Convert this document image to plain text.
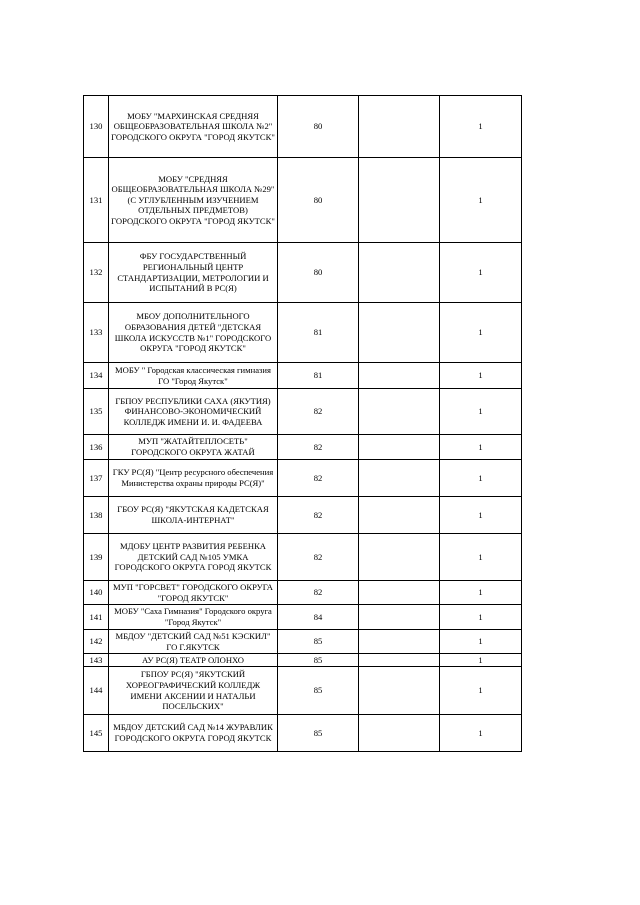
130	МОБУ "МАРХИНСКАЯ СРЕДНЯЯ ОБЩЕОБРАЗОВАТЕЛЬНАЯ ШКОЛА №2" ГОРОДСКОГО ОКРУГА "ГОРОД ЯКУТСК"	80		1
131	МОБУ "СРЕДНЯЯ ОБЩЕОБРАЗОВАТЕЛЬНАЯ ШКОЛА №29" (С УГЛУБЛЕННЫМ ИЗУЧЕНИЕМ ОТДЕЛЬНЫХ ПРЕДМЕТОВ) ГОРОДСКОГО ОКРУГА "ГОРОД ЯКУТСК"	80		1
132	ФБУ ГОСУДАРСТВЕННЫЙ РЕГИОНАЛЬНЫЙ ЦЕНТР СТАНДАРТИЗАЦИИ, МЕТРОЛОГИИ И ИСПЫТАНИЙ В РС(Я)	80		1
133	МБОУ ДОПОЛНИТЕЛЬНОГО ОБРАЗОВАНИЯ ДЕТЕЙ "ДЕТСКАЯ ШКОЛА ИСКУССТВ №1" ГОРОДСКОГО ОКРУГА "ГОРОД ЯКУТСК"	81		1
134	МОБУ " Городская классическая гимназия ГО "Город Якутск"	81		1
135	ГБПОУ РЕСПУБЛИКИ САХА (ЯКУТИЯ) ФИНАНСОВО-ЭКОНОМИЧЕСКИЙ КОЛЛЕДЖ ИМЕНИ И. И. ФАДЕЕВА	82		1
136	МУП "ЖАТАЙТЕПЛОСЕТЬ" ГОРОДСКОГО ОКРУГА ЖАТАЙ	82		1
137	ГКУ РС(Я) "Центр ресурсного обеспечения Министерства охраны природы РС(Я)"	82		1
138	ГБОУ РС(Я) "ЯКУТСКАЯ КАДЕТСКАЯ ШКОЛА-ИНТЕРНАТ"	82		1
139	МДОБУ ЦЕНТР РАЗВИТИЯ РЕБЕНКА ДЕТСКИЙ САД №105 УМКА ГОРОДСКОГО ОКРУГА ГОРОД ЯКУТСК	82		1
140	МУП "ГОРСВЕТ" ГОРОДСКОГО ОКРУГА "ГОРОД ЯКУТСК"	82		1
141	МОБУ "Саха Гимназия" Городского округа "Город Якутск"	84		1
142	МБДОУ "ДЕТСКИЙ САД №51 КЭСКИЛ" ГО Г.ЯКУТСК	85		1
143	АУ РС(Я) ТЕАТР ОЛОНХО	85		1
144	ГБПОУ РС(Я) "ЯКУТСКИЙ ХОРЕОГРАФИЧЕСКИЙ КОЛЛЕДЖ ИМЕНИ АКСЕНИИ И НАТАЛЬИ ПОСЕЛЬСКИХ"	85		1
145	МБДОУ ДЕТСКИЙ САД №14 ЖУРАВЛИК ГОРОДСКОГО ОКРУГА ГОРОД ЯКУТСК	85		1
